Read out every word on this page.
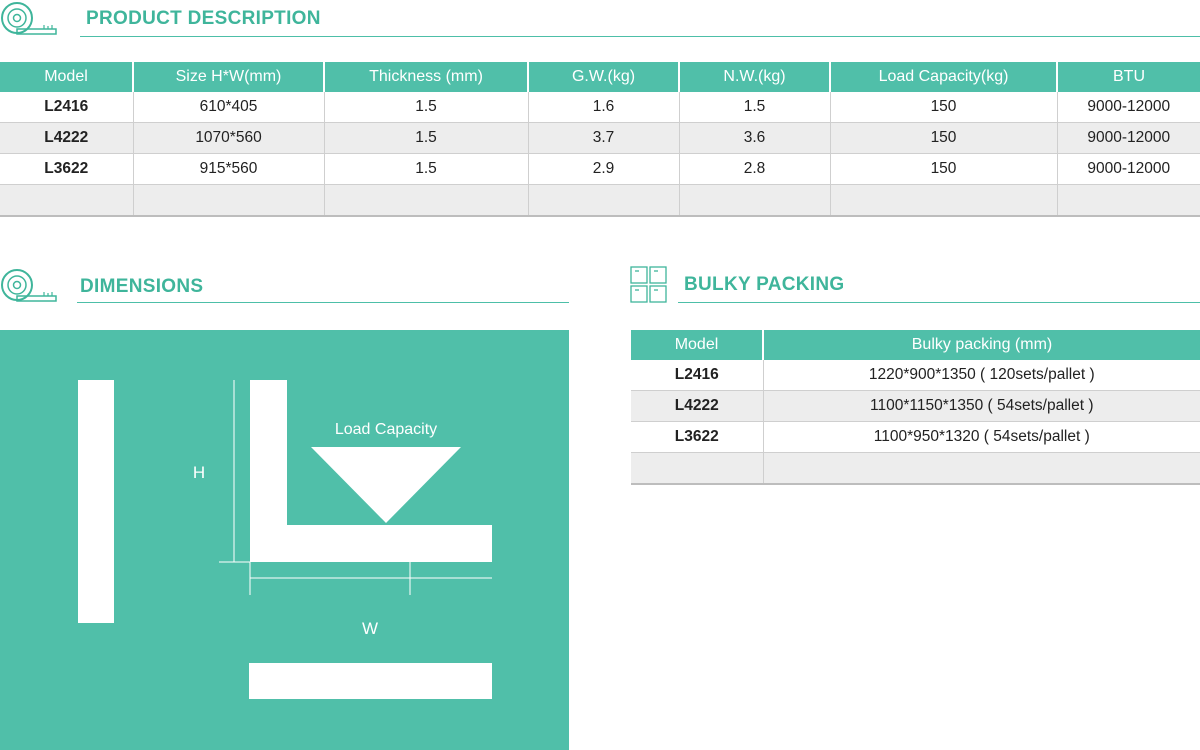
PRODUCT DESCRIPTION
Model	Size H*W(mm)	Thickness (mm)	G.W.(kg)	N.W.(kg)	Load Capacity(kg)	BTU
L2416	610*405	1.5	1.6	1.5	150	9000-12000
L4222	1070*560	1.5	3.7	3.6	150	9000-12000
L3622	915*560	1.5	2.9	2.8	150	9000-12000

DIMENSIONS
Load Capacity
H
W
BULKY PACKING
Model	Bulky packing (mm)
L2416	1220*900*1350 ( 120sets/pallet )
L4222	1100*1150*1350 ( 54sets/pallet )
L3622	1100*950*1320 ( 54sets/pallet )
